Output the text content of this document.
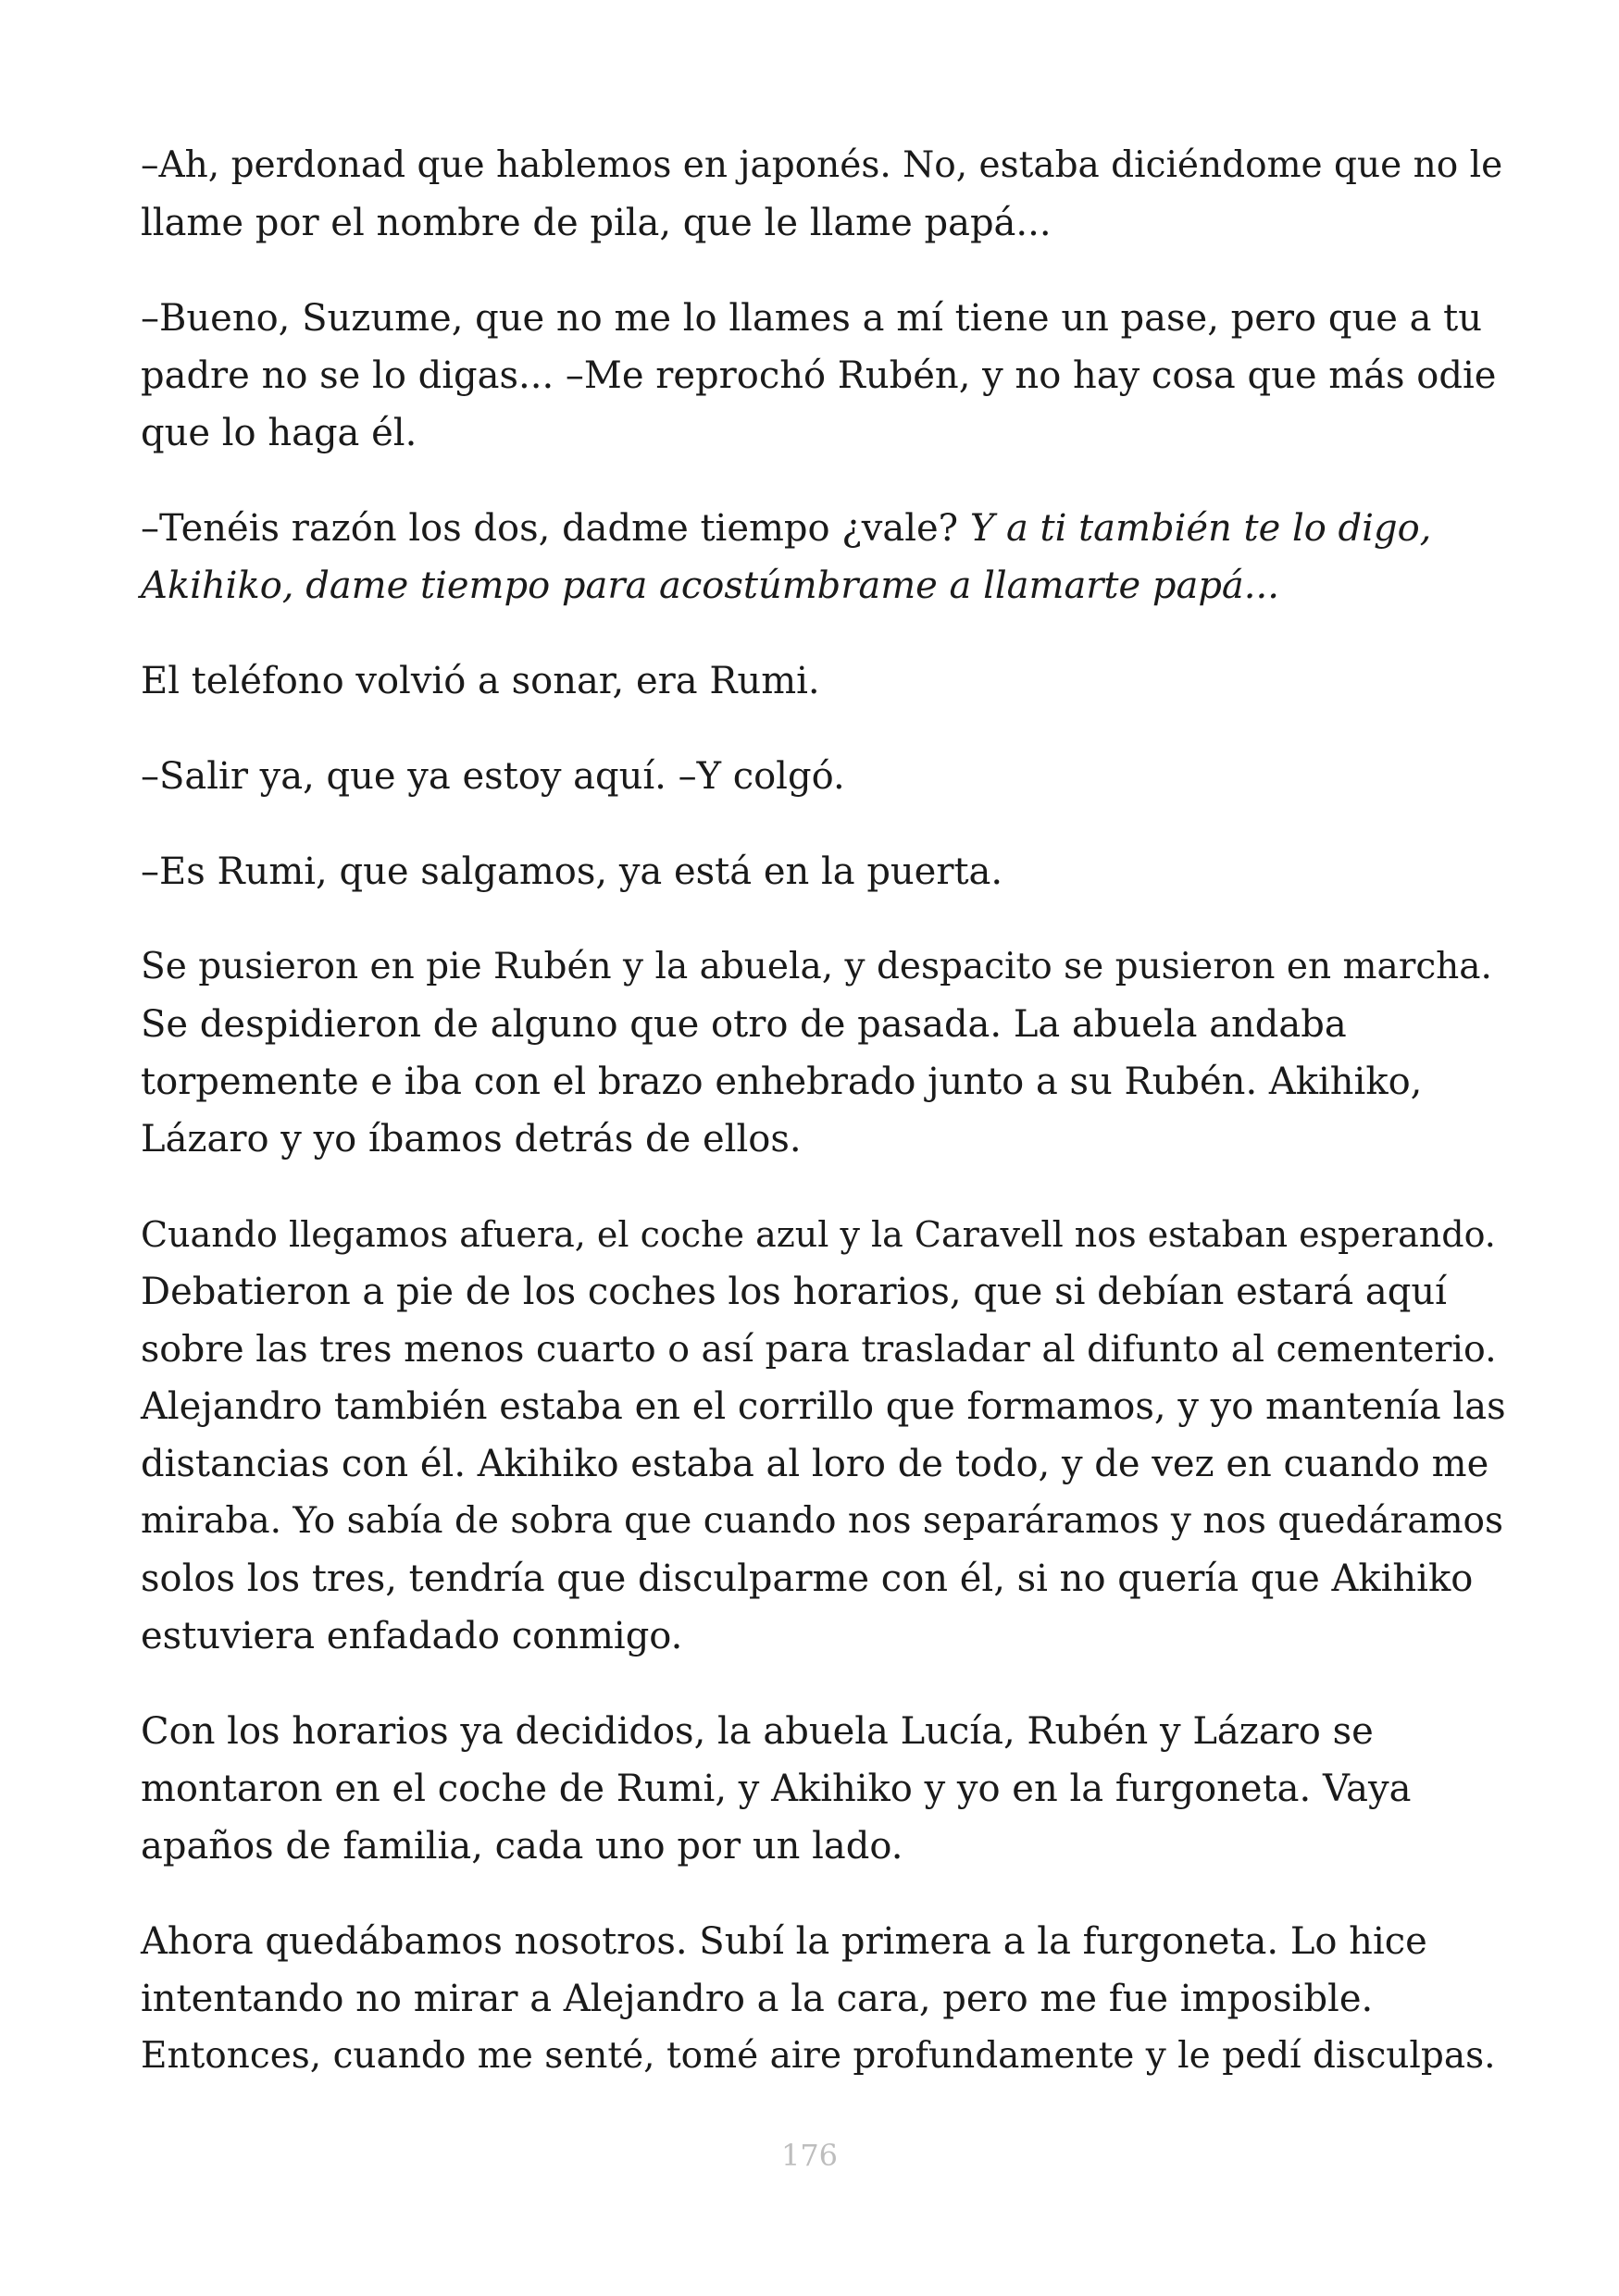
–Ah, perdonad que hablemos en japonés. No, estaba diciéndome que no le
llame por el nombre de pila, que le llame papá...

–Bueno, Suzume, que no me lo llames a mí tiene un pase, pero que a tu
padre no se lo digas... –Me reprochó Rubén, y no hay cosa que más odie
que lo haga él.

–Tenéis razón los dos, dadme tiempo ¿vale? Y a ti también te lo digo,
Akihiko, dame tiempo para acostúmbrame a llamarte papá...

El teléfono volvió a sonar, era Rumi.

–Salir ya, que ya estoy aquí. –Y colgó.

–Es Rumi, que salgamos, ya está en la puerta.

Se pusieron en pie Rubén y la abuela, y despacito se pusieron en marcha.
Se despidieron de alguno que otro de pasada. La abuela andaba
torpemente e iba con el brazo enhebrado junto a su Rubén. Akihiko,
Lázaro y yo íbamos detrás de ellos.

Cuando llegamos afuera, el coche azul y la Caravell nos estaban esperando.
Debatieron a pie de los coches los horarios, que si debían estará aquí
sobre las tres menos cuarto o así para trasladar al difunto al cementerio.
Alejandro también estaba en el corrillo que formamos, y yo mantenía las
distancias con él. Akihiko estaba al loro de todo, y de vez en cuando me
miraba. Yo sabía de sobra que cuando nos separáramos y nos quedáramos
solos los tres, tendría que disculparme con él, si no quería que Akihiko
estuviera enfadado conmigo.

Con los horarios ya decididos, la abuela Lucía, Rubén y Lázaro se
montaron en el coche de Rumi, y Akihiko y yo en la furgoneta. Vaya
apaños de familia, cada uno por un lado.

Ahora quedábamos nosotros. Subí la primera a la furgoneta. Lo hice
intentando no mirar a Alejandro a la cara, pero me fue imposible.
Entonces, cuando me senté, tomé aire profundamente y le pedí disculpas.

176
